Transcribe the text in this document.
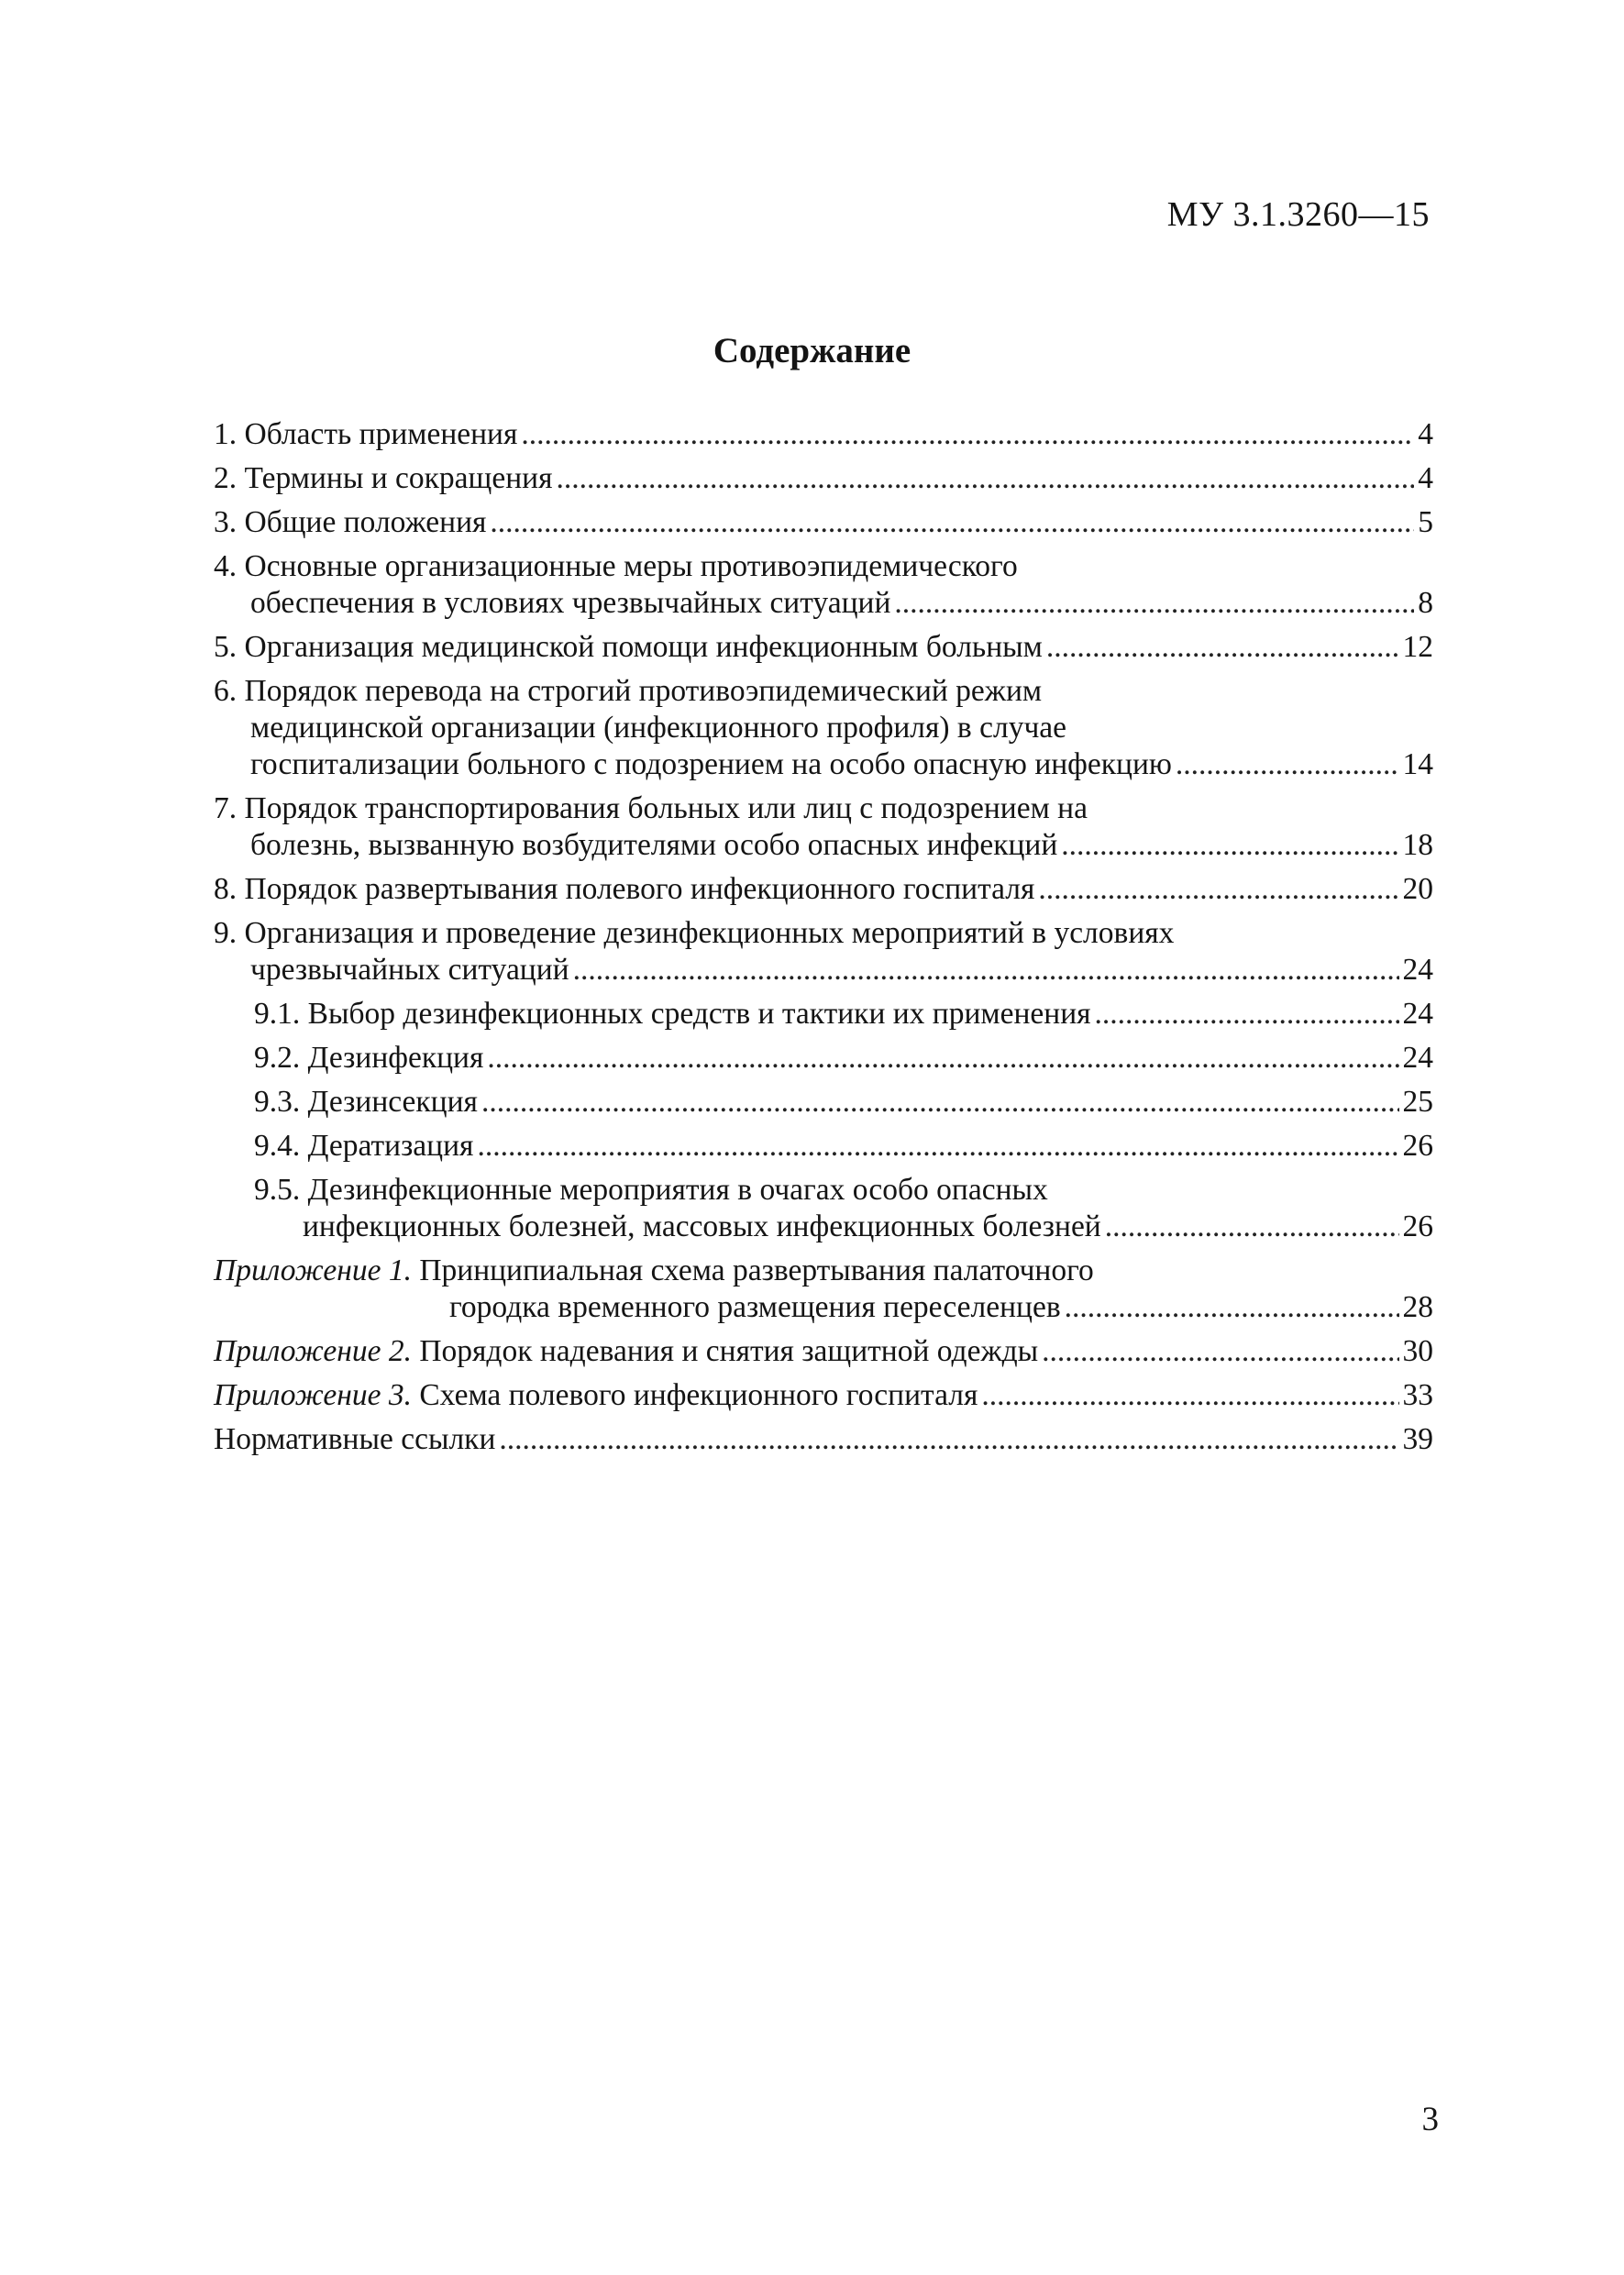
МУ 3.1.3260—15
Содержание
1. Область применения .....	4
2. Термины и сокращения .....	4
3. Общие положения .....	5
4. Основные организационные меры противоэпидемического
обеспечения в условиях чрезвычайных ситуаций .....	8
5. Организация медицинской помощи инфекционным больным .....	12
6. Порядок перевода на строгий противоэпидемический режим
медицинской организации (инфекционного профиля) в случае
госпитализации больного с подозрением на особо опасную инфекцию .....	14
7. Порядок транспортирования больных или лиц с подозрением на
болезнь, вызванную возбудителями особо опасных инфекций .....	18
8. Порядок развертывания полевого инфекционного госпиталя .....	20
9. Организация и проведение дезинфекционных мероприятий в условиях
чрезвычайных ситуаций .....	24
9.1. Выбор дезинфекционных средств и тактики их применения .....	24
9.2. Дезинфекция .....	24
9.3. Дезинсекция .....	25
9.4. Дератизация .....	26
9.5. Дезинфекционные мероприятия в очагах особо опасных
инфекционных болезней, массовых инфекционных болезней .....	26
Приложение 1. Принципиальная схема развертывания палаточного
городка временного размещения переселенцев .....	28
Приложение 2.
Порядок надевания и снятия защитной одежды .....	30
Приложение 3.
Схема полевого инфекционного госпиталя .....	33
Нормативные ссылки .....	39
3
